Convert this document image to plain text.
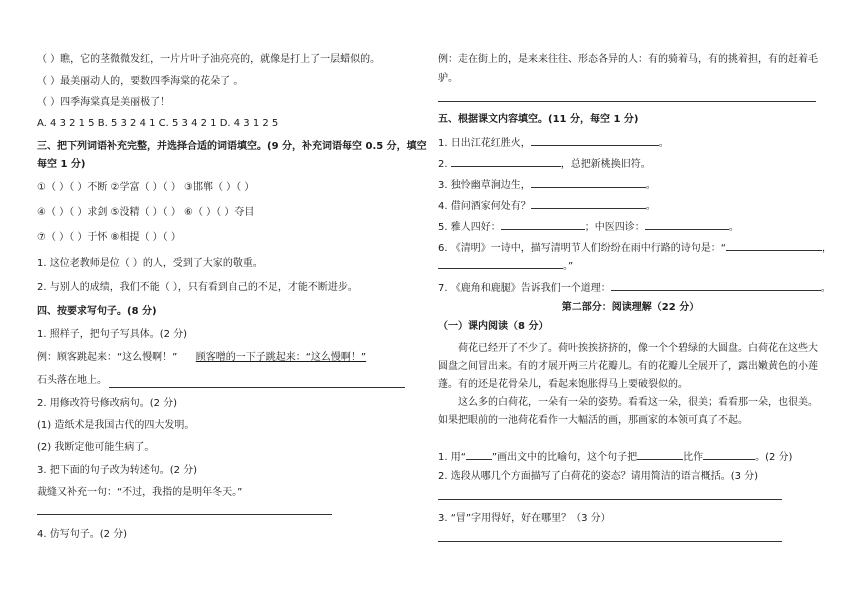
（ ）瞧，它的茎微微发红，一片片叶子油亮亮的，就像是打上了一层蜡似的。
（ ）最美丽动人的，要数四季海棠的花朵了 。
（ ）四季海棠真是美丽极了！
A. 4 3 2 1 5 B. 5 3 2 4 1 C. 5 3 4 2 1 D. 4 3 1 2 5
三、把下列词语补充完整，并选择合适的词语填空。(9 分，补充词语每空 0.5 分，填空
每空 1 分)
①（ ）（ ）不断 ②学富（ ）（ ） ③邯郸（ ）（ ）
④（ ）（ ）求剑 ⑤没精（ ）（ ） ⑥（ ）（ ）夺目
⑦（ ）（ ）于怀 ⑧相提（ ）（ ）
1. 这位老教师是位（ ）的人，受到了大家的敬重。
2. 与别人的成绩，我们不能（ ），只有看到自己的不足，才能不断进步。
四、按要求写句子。(8 分)
1. 照样子，把句子写具体。(2 分)
例：顾客跳起来：“这么慢啊！” 顾客噌的一下子跳起来：“这么慢啊！”
石头落在地上。
2. 用修改符号修改病句。(2 分)
(1) 造纸术是我国古代的四大发明。
(2) 我断定他可能生病了。
3. 把下面的句子改为转述句。(2 分)
裁缝又补充一句：“不过，我指的是明年冬天。”
4. 仿写句子。(2 分)
例：走在街上的，是来来往往、形态各异的人：有的骑着马，有的挑着担，有的赶着毛
驴。
五、根据课文内容填空。(11 分，每空 1 分)
1. 日出江花红胜火，	。
2.	，总把新桃换旧符。
3. 独怜幽草涧边生，	。
4. 借问酒家何处有？	。
5. 雅人四好：	；中医四诊：	。
6. 《清明》一诗中，描写清明节人们纷纷在雨中行路的诗句是：“	，
。”
7. 《鹿角和鹿腿》告诉我们一个道理：	。
第二部分：阅读理解（22 分）
（一）课内阅读（8 分）
荷花已经开了不少了。荷叶挨挨挤挤的，像一个个碧绿的大圆盘。白荷花在这些大圆盘之间冒出来。有的才展开两三片花瓣儿。有的花瓣儿全展开了，露出嫩黄色的小莲蓬。有的还是花骨朵儿，看起来饱胀得马上要破裂似的。
这么多的白荷花，一朵有一朵的姿势。看看这一朵，很美；看看那一朵，也很美。如果把眼前的一池荷花看作一大幅活的画，那画家的本领可真了不起。
1. 用“	”画出文中的比喻句，这个句子把	比作	。(2 分)
2. 选段从哪几个方面描写了白荷花的姿态？请用简洁的语言概括。(3 分)
3. “冒”字用得好，好在哪里？（3 分）
